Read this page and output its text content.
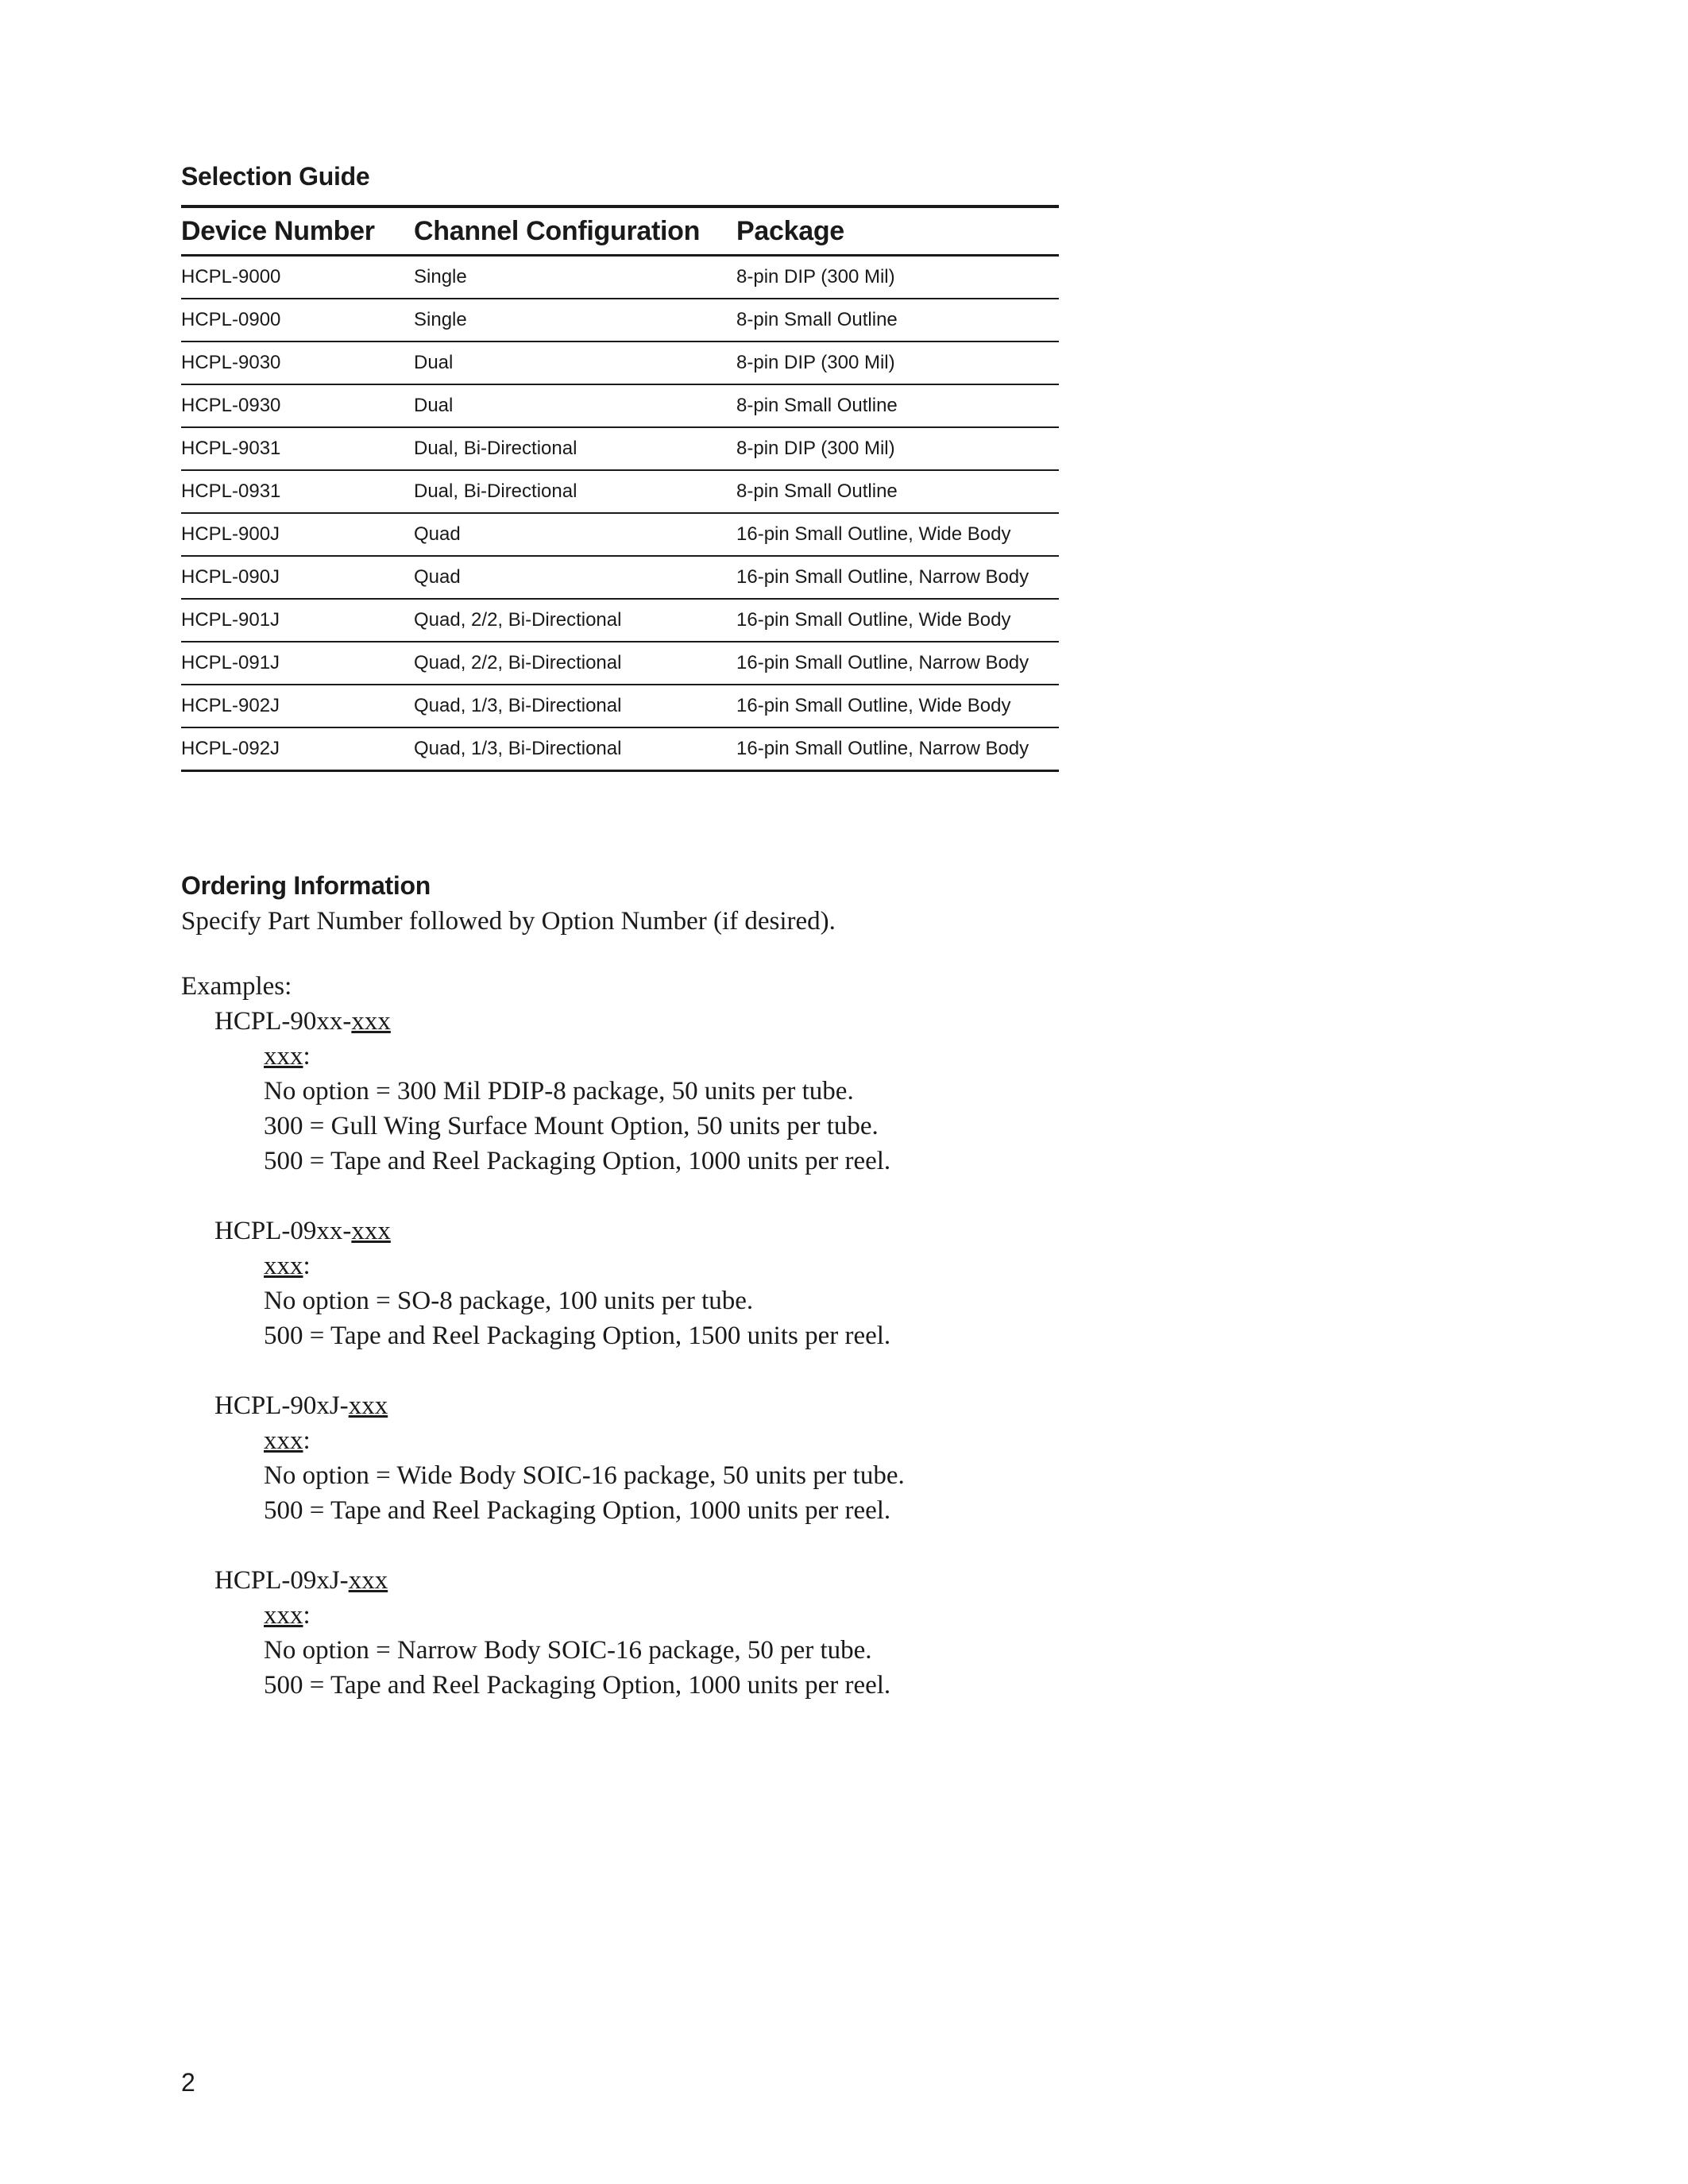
Selection Guide
Device Number	Channel Configuration	Package
HCPL-9000	Single	8-pin DIP (300 Mil)
HCPL-0900	Single	8-pin Small Outline
HCPL-9030	Dual	8-pin DIP (300 Mil)
HCPL-0930	Dual	8-pin Small Outline
HCPL-9031	Dual, Bi-Directional	8-pin DIP (300 Mil)
HCPL-0931	Dual, Bi-Directional	8-pin Small Outline
HCPL-900J	Quad	16-pin Small Outline, Wide Body
HCPL-090J	Quad	16-pin Small Outline, Narrow Body
HCPL-901J	Quad, 2/2, Bi-Directional	16-pin Small Outline, Wide Body
HCPL-091J	Quad, 2/2, Bi-Directional	16-pin Small Outline, Narrow Body
HCPL-902J	Quad, 1/3, Bi-Directional	16-pin Small Outline, Wide Body
HCPL-092J	Quad, 1/3, Bi-Directional	16-pin Small Outline, Narrow Body
Ordering Information

Specify Part Number followed by Option Number (if desired).

Examples:

HCPL-90xx-xxx

xxx:

No option = 300 Mil PDIP-8 package, 50 units per tube.

300 = Gull Wing Surface Mount Option, 50 units per tube.

500 = Tape and Reel Packaging Option, 1000 units per reel.

HCPL-09xx-xxx

xxx:

No option = SO-8 package, 100 units per tube.

500 = Tape and Reel Packaging Option, 1500 units per reel.

HCPL-90xJ-xxx

xxx:

No option = Wide Body SOIC-16 package, 50 units per tube.

500 = Tape and Reel Packaging Option, 1000 units per reel.

HCPL-09xJ-xxx

xxx:

No option = Narrow Body SOIC-16 package, 50 per tube.

500 = Tape and Reel Packaging Option, 1000 units per reel.

2
